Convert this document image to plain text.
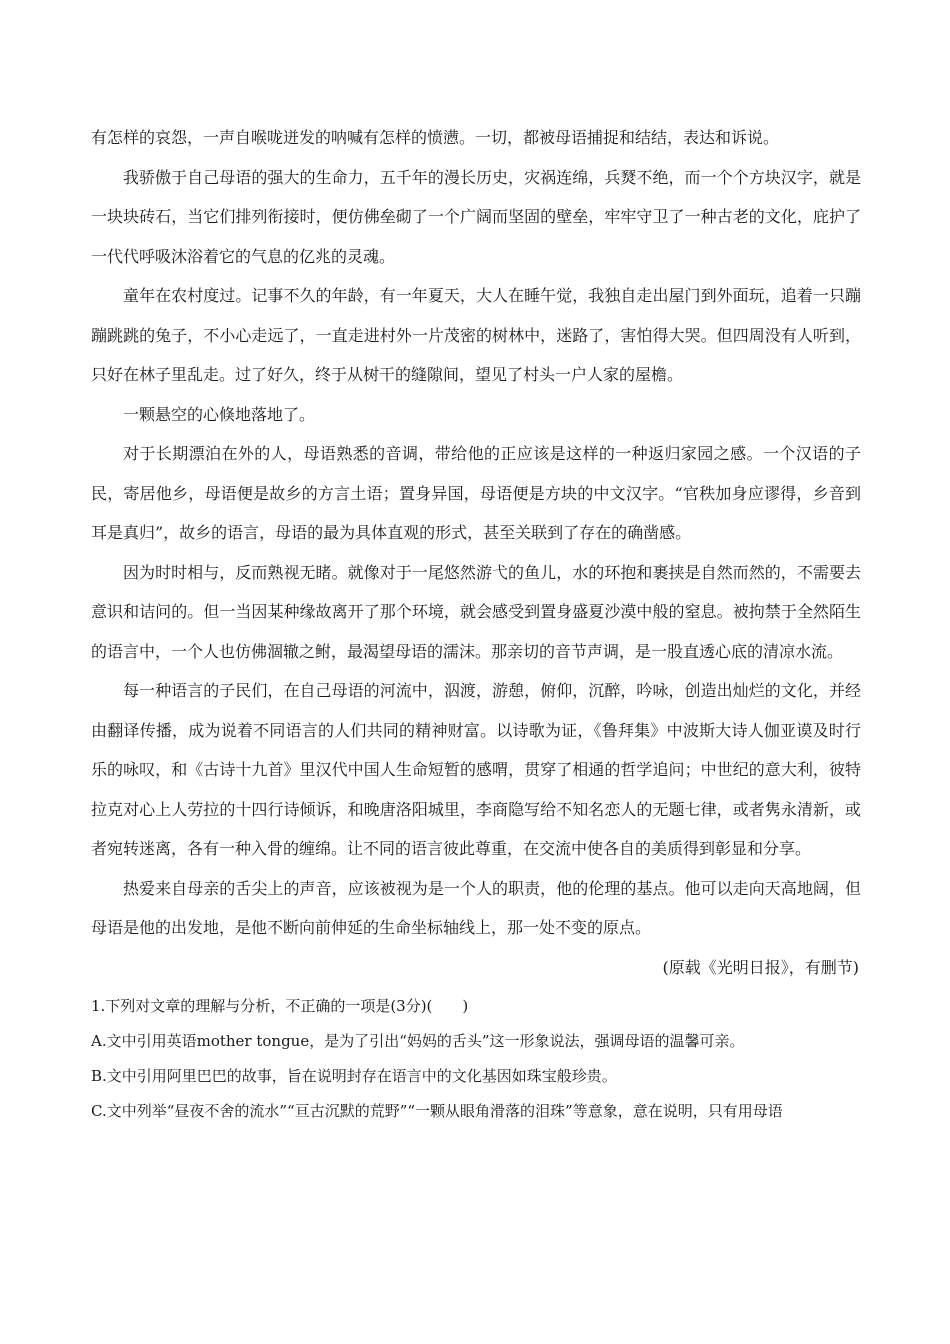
有怎样的哀怨，一声自喉咙迸发的呐喊有怎样的愤懑。一切，都被母语捕捉和结结，表达和诉说。

我骄傲于自己母语的强大的生命力，五千年的漫长历史，灾祸连绵，兵燹不绝，而一个个方块汉字，就是一块块砖石，当它们排列衔接时，便仿佛垒砌了一个广阔而坚固的壁垒，牢牢守卫了一种古老的文化，庇护了一代代呼吸沐浴着它的气息的亿兆的灵魂。

童年在农村度过。记事不久的年龄，有一年夏天，大人在睡午觉，我独自走出屋门到外面玩，追着一只蹦蹦跳跳的兔子，不小心走远了，一直走进村外一片茂密的树林中，迷路了，害怕得大哭。但四周没有人听到，只好在林子里乱走。过了好久，终于从树干的缝隙间，望见了村头一户人家的屋檐。

一颗悬空的心倏地落地了。

对于长期漂泊在外的人，母语熟悉的音调，带给他的正应该是这样的一种返归家园之感。一个汉语的子民，寄居他乡，母语便是故乡的方言土语；置身异国，母语便是方块的中文汉字。“官秩加身应谬得，乡音到耳是真归”，故乡的语言，母语的最为具体直观的形式，甚至关联到了存在的确凿感。

因为时时相与，反而熟视无睹。就像对于一尾悠然游弋的鱼儿，水的环抱和裹挟是自然而然的，不需要去意识和诘问的。但一当因某种缘故离开了那个环境，就会感受到置身盛夏沙漠中般的窒息。被拘禁于全然陌生的语言中，一个人也仿佛涸辙之鲋，最渴望母语的濡沫。那亲切的音节声调，是一股直透心底的清凉水流。

每一种语言的子民们，在自己母语的河流中，泅渡，游憩，俯仰，沉醉，吟咏，创造出灿烂的文化，并经由翻译传播，成为说着不同语言的人们共同的精神财富。以诗歌为证，《鲁拜集》中波斯大诗人伽亚谟及时行乐的咏叹，和《古诗十九首》里汉代中国人生命短暂的感喟，贯穿了相通的哲学追问；中世纪的意大利，彼特拉克对心上人劳拉的十四行诗倾诉，和晚唐洛阳城里，李商隐写给不知名恋人的无题七律，或者隽永清新，或者宛转迷离，各有一种入骨的缠绵。让不同的语言彼此尊重，在交流中使各自的美质得到彰显和分享。

热爱来自母亲的舌尖上的声音，应该被视为是一个人的职责，他的伦理的基点。他可以走向天高地阔，但母语是他的出发地，是他不断向前伸延的生命坐标轴线上，那一处不变的原点。

(原载《光明日报》，有删节)

1.下列对文章的理解与分析，不正确的一项是(3分)(　　)

A.文中引用英语mother tongue，是为了引出“妈妈的舌头”这一形象说法，强调母语的温馨可亲。

B.文中引用阿里巴巴的故事，旨在说明封存在语言中的文化基因如珠宝般珍贵。

C.文中列举“昼夜不舍的流水”“亘古沉默的荒野”“一颗从眼角滑落的泪珠”等意象，意在说明，只有用母语
